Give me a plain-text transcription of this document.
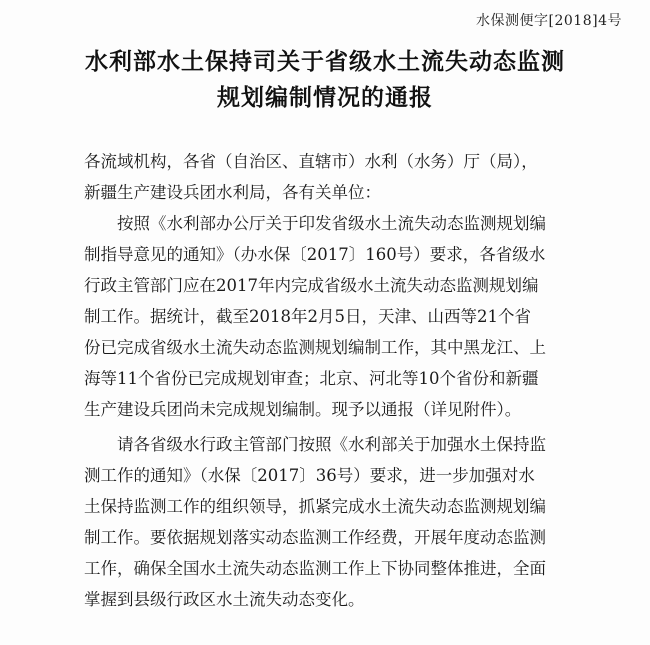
水保测便字[2018]4号
水利部水土保持司关于省级水土流失动态监测
规划编制情况的通报

各流域机构，各省（自治区、直辖市）水利（水务）厅（局），
新疆生产建设兵团水利局，各有关单位：

按照《水利部办公厅关于印发省级水土流失动态监测规划编
制指导意见的通知》（办水保〔2017〕160号）要求，各省级水
行政主管部门应在2017年内完成省级水土流失动态监测规划编
制工作。据统计，截至2018年2月5日，天津、山西等21个省
份已完成省级水土流失动态监测规划编制工作，其中黑龙江、上
海等11个省份已完成规划审查；北京、河北等10个省份和新疆
生产建设兵团尚未完成规划编制。现予以通报（详见附件）。

请各省级水行政主管部门按照《水利部关于加强水土保持监
测工作的通知》（水保〔2017〕36号）要求，进一步加强对水
土保持监测工作的组织领导，抓紧完成水土流失动态监测规划编
制工作。要依据规划落实动态监测工作经费，开展年度动态监测
工作，确保全国水土流失动态监测工作上下协同整体推进，全面
掌握到县级行政区水土流失动态变化。
